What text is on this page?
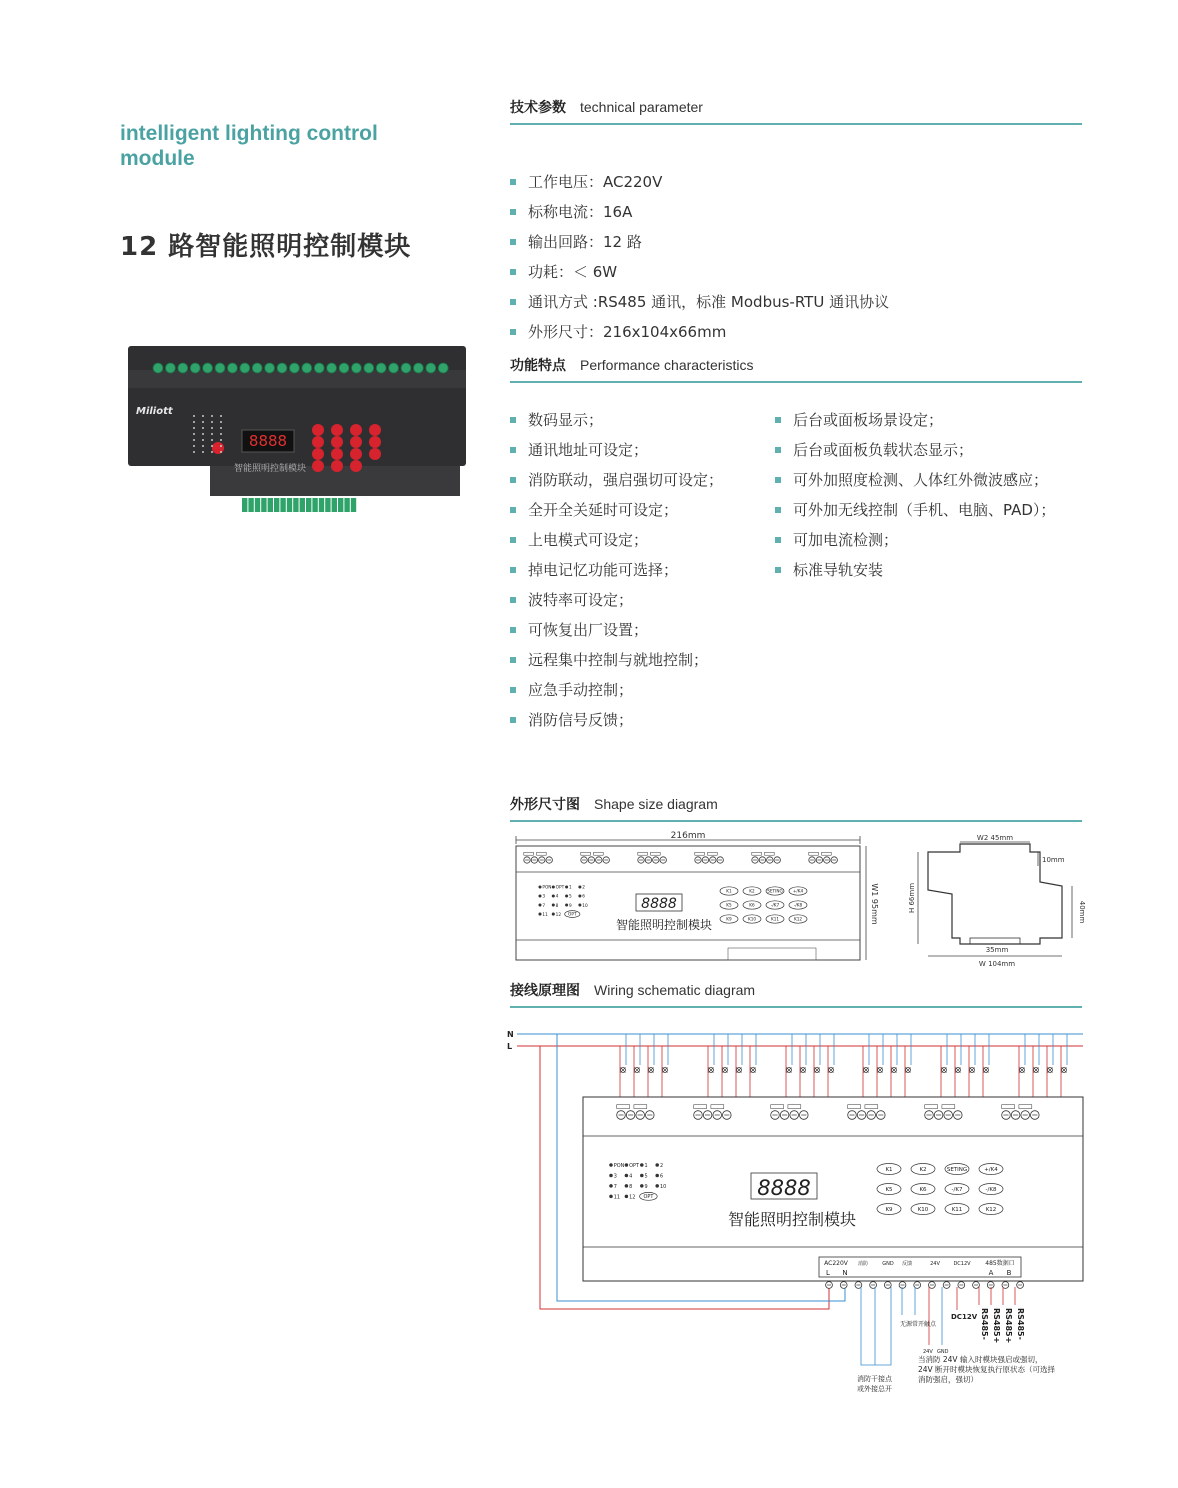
intelligent lighting control module
12 路智能照明控制模块
Miliott
8888
智能照明控制模块
技术参数 technical parameter
工作电压：AC220V
标称电流：16A
输出回路：12 路
功耗：＜ 6W
通讯方式 :RS485 通讯，标准 Modbus-RTU 通讯协议
外形尺寸：216x104x66mm
功能特点 Performance characteristics
数码显示；
通讯地址可设定；
消防联动，强启强切可设定；
全开全关延时可设定；
上电模式可设定；
掉电记忆功能可选择；
波特率可设定；
可恢复出厂设置；
远程集中控制与就地控制；
应急手动控制；
消防信号反馈；
后台或面板场景设定；
后台或面板负载状态显示；
可外加照度检测、人体红外微波感应；
可外加无线控制（手机、电脑、PAD）；
可加电流检测；
标准导轨安装
外形尺寸图 Shape size diagram
216mm
PON OPT 1 2
3 4 5 6
7 8 9 10
11 12 OPT
8888
智能照明控制模块
K1	K2	SETING +/K4
K5	K6	-/K7	-/K8
K9	K10	K11	K12	W1 95mm
W2 45mm
H 66mm
10mm
40mm
35mm
W 104mm
接线原理图 Wiring schematic diagram
N
L
PON OPT 1 2
3 4 5 6
7 8 9 10
11 12 OPT	8888
智能照明控制模块
K1	K2	SETING	+/K4
K5	K6	-/K7	-/K8
K9	K10	K11	K12
AC220V
L N
消防	GND 反馈	24V	DC12V 485数据口
A B
无源常开触点
24V GND
DC12V RS485- RS485+ RS485+ RS485-
消防干接点或外接总开
当消防 24V 输入时模块强启或强切， 24V 断开时模块恢复执行原状态（可选择消防强启，强切）
